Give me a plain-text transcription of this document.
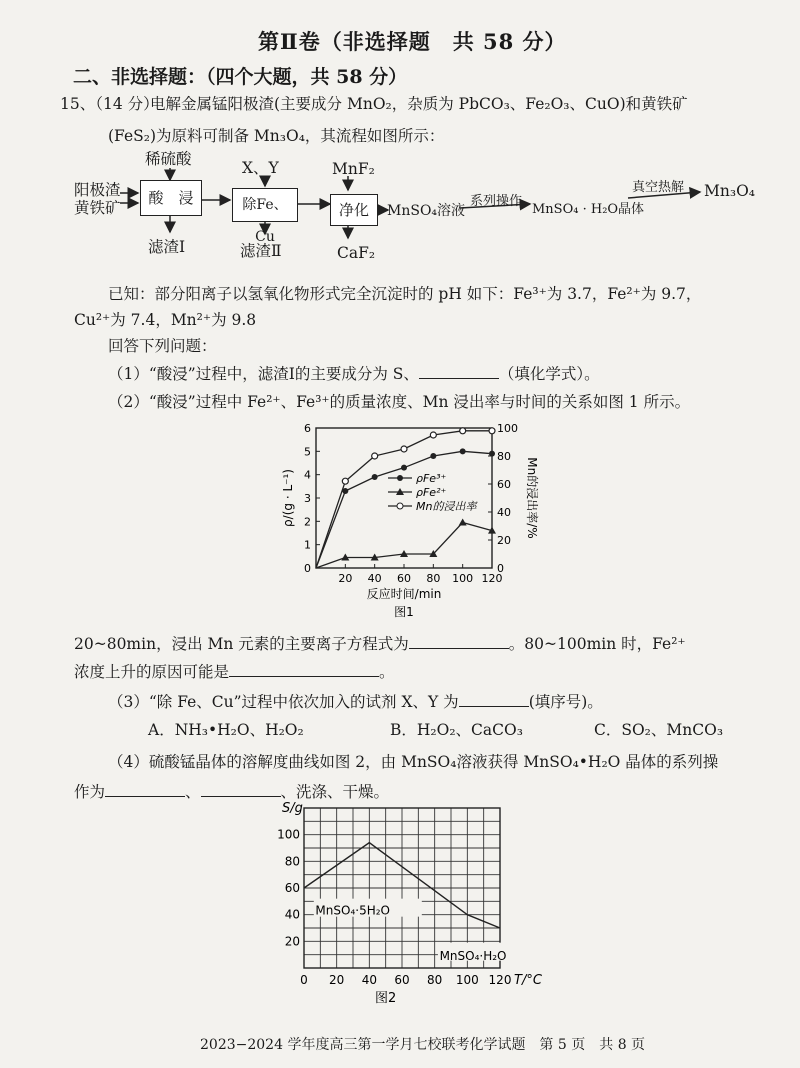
第Ⅱ卷（非选择题　共 58 分）
二、非选择题：（四个大题，共 58 分）
15、（14 分）
电解金属锰阳极渣(主要成分 MnO₂，杂质为 PbCO₃、Fe₂O₃、CuO)和黄铁矿
(FeS₂)为原料可制备 Mn₃O₄，其流程如图所示：
阳极渣
黄铁矿
稀硫酸
酸　浸
滤渣Ⅰ
X、Y
除Fe、Cu
滤渣Ⅱ
MnF₂
净化
CaF₂
MnSO₄溶液
系列操作
MnSO₄ · H₂O晶体
真空热解 Mn₃O₄
已知：部分阳离子以氢氧化物形式完全沉淀时的 pH 如下：Fe³⁺为 3.7，Fe²⁺为 9.7，
Cu²⁺为 7.4，Mn²⁺为 9.8
回答下列问题：
（1）“酸浸”过程中，滤渣Ⅰ的主要成分为 S、	（填化学式）。
（2）“酸浸”过程中 Fe²⁺、Fe³⁺的质量浓度、Mn 浸出率与时间的关系如图 1 所示。
20 40 60 80 100 120
0
1
2
3
4
5
6
0
20
40
60
80
100
反应时间/min
ρ/(g · L⁻¹)	Mn的浸出率/%
图1
ρFe³⁺
ρFe²⁺
Mn的浸出率
20~80min，浸出 Mn 元素的主要离子方程式为	。80~100min 时，Fe²⁺
浓度上升的原因可能是	。
（3）“除 Fe、Cu”过程中依次加入的试剂 X、Y 为	(填序号)。
A．NH₃•H₂O、H₂O₂	B．H₂O₂、CaCO₃	C．SO₂、MnCO₃
（4）硫酸锰晶体的溶解度曲线如图 2，由 MnSO₄溶液获得 MnSO₄•H₂O 晶体的系列操
作为	、	、洗涤、干燥。
0 20 40 60 80 100 120
20
40
60
80
100
T/°C
S/g
图2
MnSO₄·5H₂O
MnSO₄·H₂O
2023−2024 学年度高三第一学月七校联考化学试题　第 5 页　共 8 页
